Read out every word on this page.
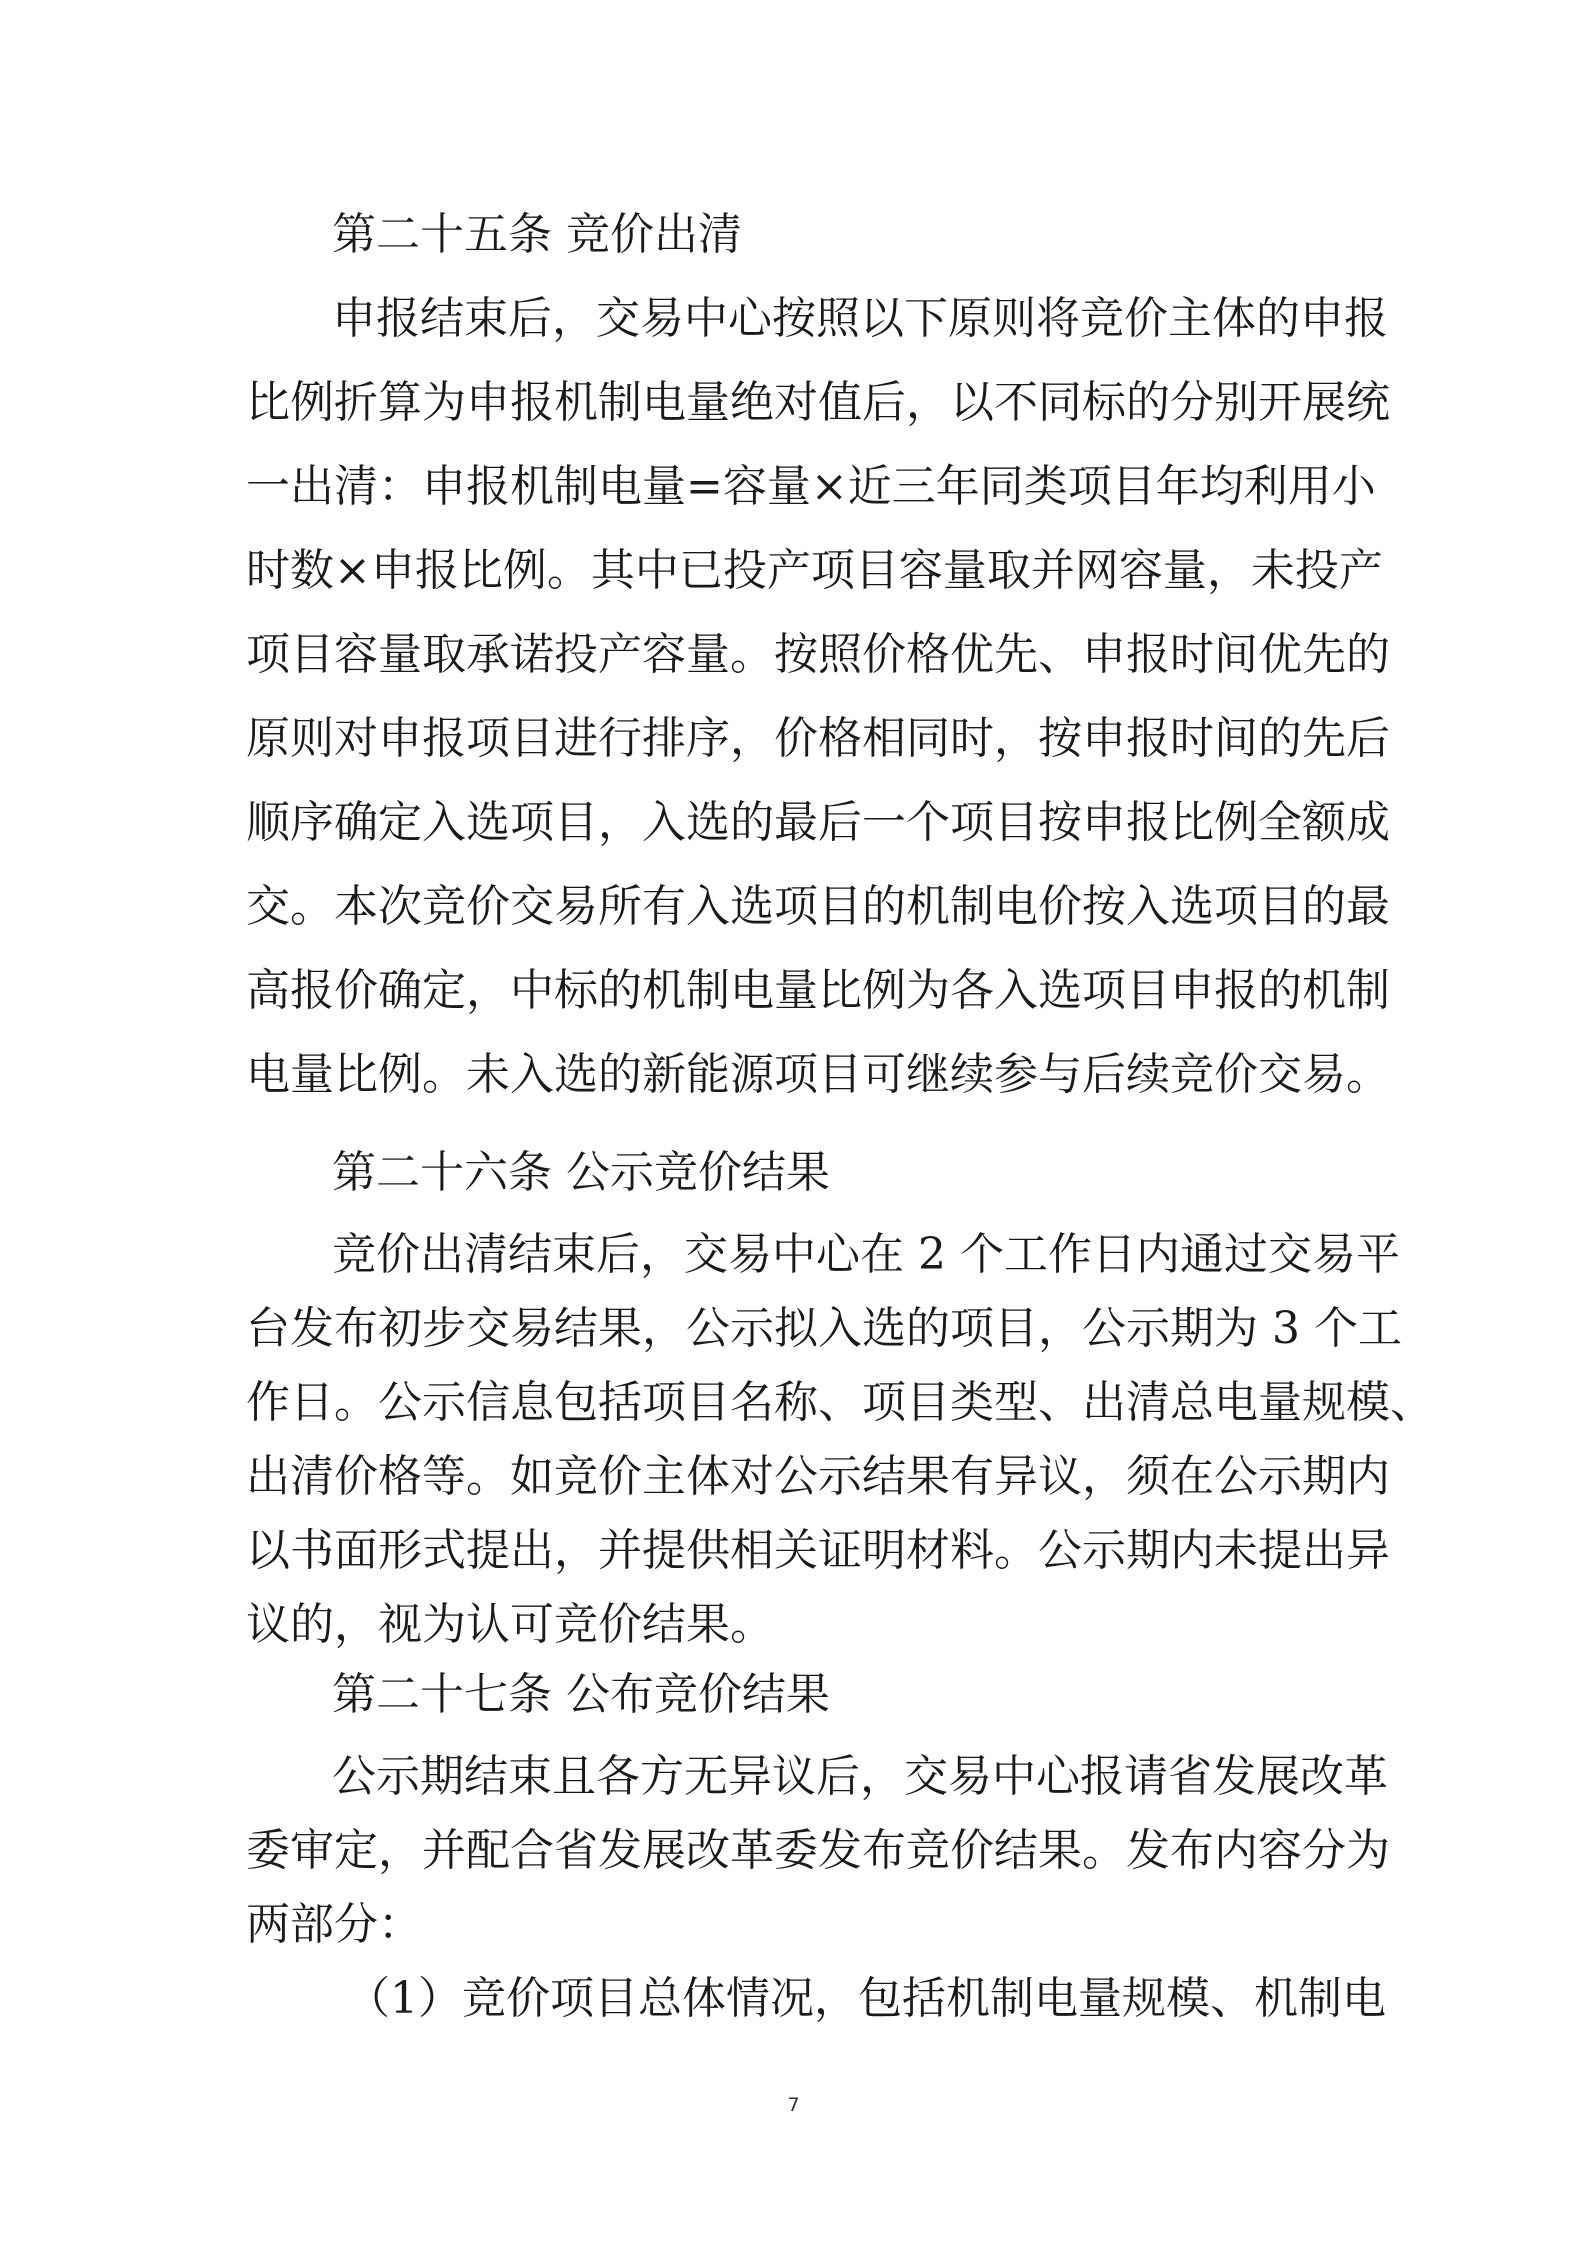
第二十五条 竞价出清
申报结束后，交易中心按照以下原则将竞价主体的申报
比例折算为申报机制电量绝对值后，以不同标的分别开展统
一出清：申报机制电量=容量×近三年同类项目年均利用小
时数×申报比例。其中已投产项目容量取并网容量，未投产
项目容量取承诺投产容量。按照价格优先、申报时间优先的
原则对申报项目进行排序，价格相同时，按申报时间的先后
顺序确定入选项目，入选的最后一个项目按申报比例全额成
交。本次竞价交易所有入选项目的机制电价按入选项目的最
高报价确定，中标的机制电量比例为各入选项目申报的机制
电量比例。未入选的新能源项目可继续参与后续竞价交易。
第二十六条 公示竞价结果
竞价出清结束后，交易中心在 2 个工作日内通过交易平
台发布初步交易结果，公示拟入选的项目，公示期为 3 个工
作日。公示信息包括项目名称、项目类型、出清总电量规模、
出清价格等。如竞价主体对公示结果有异议，须在公示期内
以书面形式提出，并提供相关证明材料。公示期内未提出异
议的，视为认可竞价结果。
第二十七条 公布竞价结果
公示期结束且各方无异议后，交易中心报请省发展改革
委审定，并配合省发展改革委发布竞价结果。发布内容分为
两部分：
（1）竞价项目总体情况，包括机制电量规模、机制电
7
